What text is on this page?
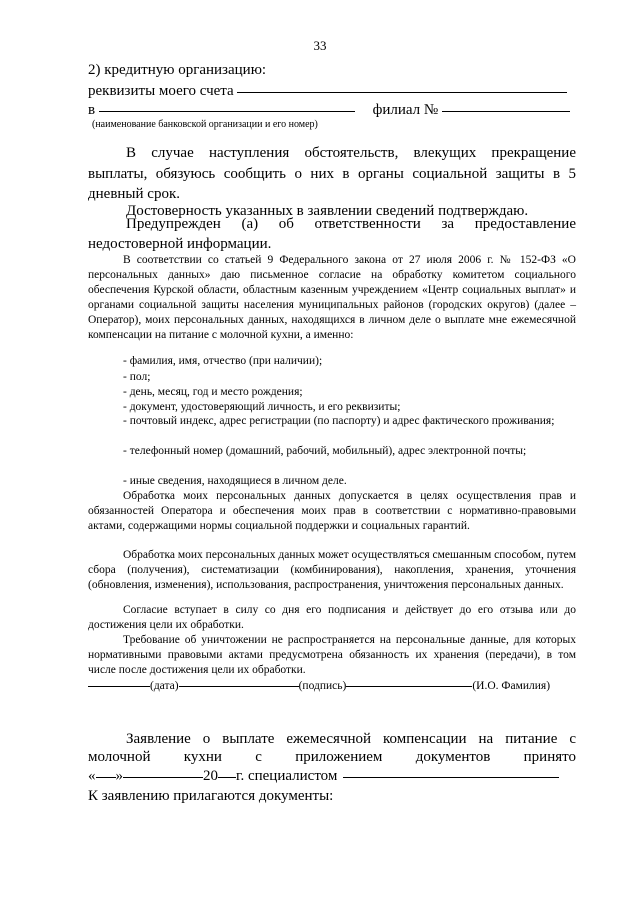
33
2) кредитную организацию:
реквизиты моего счета
в	филиал №
(наименование банковской организации и его номер)
В случае наступления обстоятельств, влекущих прекращение
выплаты, обязуюсь сообщить о них в органы социальной защиты в 5
дневный срок.
Достоверность указанных в заявлении сведений подтверждаю.
Предупрежден (а) об ответственности за предоставление
недостоверной информации.

В соответствии со статьей 9 Федерального закона от 27 июля 2006 г. № 152-ФЗ «О персональных данных» даю письменное согласие на обработку комитетом социального обеспечения Курской области, областным казенным учреждением «Центр социальных выплат» и органами социальной защиты населения муниципальных районов (городских округов) (далее – Оператор), моих персональных данных, находящихся в личном деле о выплате мне ежемесячной компенсации на питание с молочной кухни, а именно:

- фамилия, имя, отчество (при наличии);

- пол;

- день, месяц, год и место рождения;

- документ, удостоверяющий личность, и его реквизиты;

- почтовый индекс, адрес регистрации (по паспорту) и адрес фактического проживания;

- телефонный номер (домашний, рабочий, мобильный), адрес электронной почты;

- иные сведения, находящиеся в личном деле.

Обработка моих персональных данных допускается в целях осуществления прав и обязанностей Оператора и обеспечения моих прав в соответствии с нормативно-правовыми актами, содержащими нормы социальной поддержки и социальных гарантий.

Обработка моих персональных данных может осуществляться смешанным способом, путем сбора (получения), систематизации (комбинирования), накопления, хранения, уточнения (обновления, изменения), использования, распространения, уничтожения персональных данных.

Согласие вступает в силу со дня его подписания и действует до его отзыва или до достижения цели их обработки.

Требование об уничтожении не распространяется на персональные данные, для которых нормативными правовыми актами предусмотрена обязанность их хранения (передачи), в том числе после достижения цели их обработки.

(дата)	(подпись)	(И.О. Фамилия)
Заявление о выплате ежемесячной компенсации на питание с
молочной кухни с приложением документов принято
« »	20 г. специалистом
К заявлению прилагаются документы:
